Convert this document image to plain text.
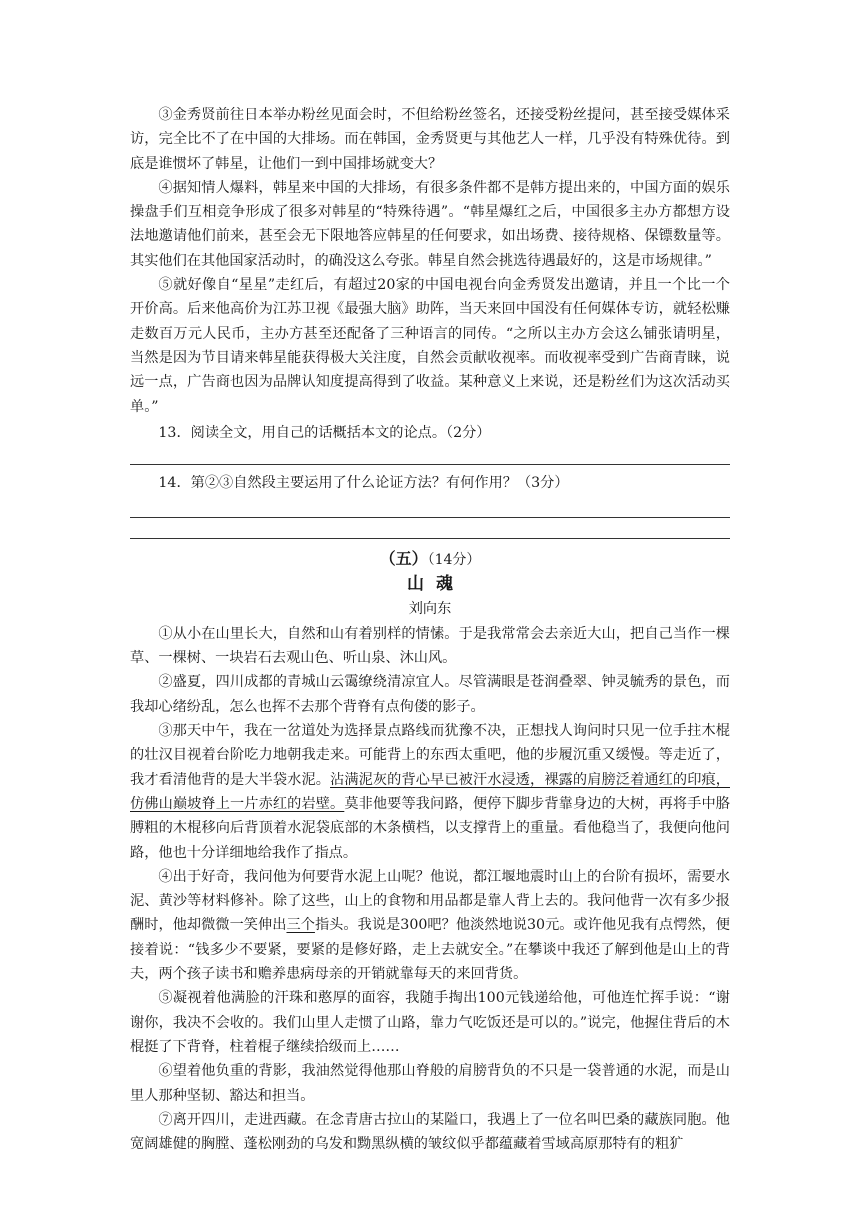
③金秀贤前往日本举办粉丝见面会时，不但给粉丝签名，还接受粉丝提问，甚至接受媒体采访，完全比不了在中国的大排场。而在韩国，金秀贤更与其他艺人一样，几乎没有特殊优待。到底是谁惯坏了韩星，让他们一到中国排场就变大？

④据知情人爆料，韩星来中国的大排场，有很多条件都不是韩方提出来的，中国方面的娱乐操盘手们互相竞争形成了很多对韩星的“特殊待遇”。“韩星爆红之后，中国很多主办方都想方设法地邀请他们前来，甚至会无下限地答应韩星的任何要求，如出场费、接待规格、保镖数量等。其实他们在其他国家活动时，的确没这么夸张。韩星自然会挑选待遇最好的，这是市场规律。”

⑤就好像自“星星”走红后，有超过20家的中国电视台向金秀贤发出邀请，并且一个比一个开价高。后来他高价为江苏卫视《最强大脑》助阵，当天来回中国没有任何媒体专访，就轻松赚走数百万元人民币，主办方甚至还配备了三种语言的同传。“之所以主办方会这么铺张请明星，当然是因为节目请来韩星能获得极大关注度，自然会贡献收视率。而收视率受到广告商青睐，说远一点，广告商也因为品牌认知度提高得到了收益。某种意义上来说，还是粉丝们为这次活动买单。”

13．阅读全文，用自己的话概括本文的论点。（2分）

14．第②③自然段主要运用了什么论证方法？有何作用？（3分）

（五）（14分）
山魂
刘向东

①从小在山里长大，自然和山有着别样的情愫。于是我常常会去亲近大山，把自己当作一棵草、一棵树、一块岩石去观山色、听山泉、沐山风。

②盛夏，四川成都的青城山云霭缭绕清凉宜人。尽管满眼是苍润叠翠、钟灵毓秀的景色，而我却心绪纷乱，怎么也挥不去那个背脊有点佝偻的影子。

③那天中午，我在一岔道处为选择景点路线而犹豫不决，正想找人询问时只见一位手拄木棍的壮汉目视着台阶吃力地朝我走来。可能背上的东西太重吧，他的步履沉重又缓慢。等走近了，我才看清他背的是大半袋水泥。沾满泥灰的背心早已被汗水浸透，裸露的肩膀泛着通红的印痕，仿佛山巅坡脊上一片赤红的岩壁。莫非他要等我问路，便停下脚步背靠身边的大树，再将手中胳膊粗的木棍移向后背顶着水泥袋底部的木条横档，以支撑背上的重量。看他稳当了，我便向他问路，他也十分详细地给我作了指点。

④出于好奇，我问他为何要背水泥上山呢？他说，都江堰地震时山上的台阶有损坏，需要水泥、黄沙等材料修补。除了这些，山上的食物和用品都是靠人背上去的。我问他背一次有多少报酬时，他却微微一笑伸出三个指头。我说是300吧？他淡然地说30元。或许他见我有点愕然，便接着说：“钱多少不要紧，要紧的是修好路，走上去就安全。”在攀谈中我还了解到他是山上的背夫，两个孩子读书和赡养患病母亲的开销就靠每天的来回背货。

⑤凝视着他满脸的汗珠和憨厚的面容，我随手掏出100元钱递给他，可他连忙挥手说：“谢谢你，我决不会收的。我们山里人走惯了山路，靠力气吃饭还是可以的。”说完，他握住背后的木棍挺了下背脊，柱着棍子继续拾级而上……

⑥望着他负重的背影，我油然觉得他那山脊般的肩膀背负的不只是一袋普通的水泥，而是山里人那种坚韧、豁达和担当。

⑦离开四川，走进西藏。在念青唐古拉山的某隘口，我遇上了一位名叫巴桑的藏族同胞。他宽阔雄健的胸膛、蓬松刚劲的乌发和黝黑纵横的皱纹似乎都蕴藏着雪域高原那特有的粗犷
